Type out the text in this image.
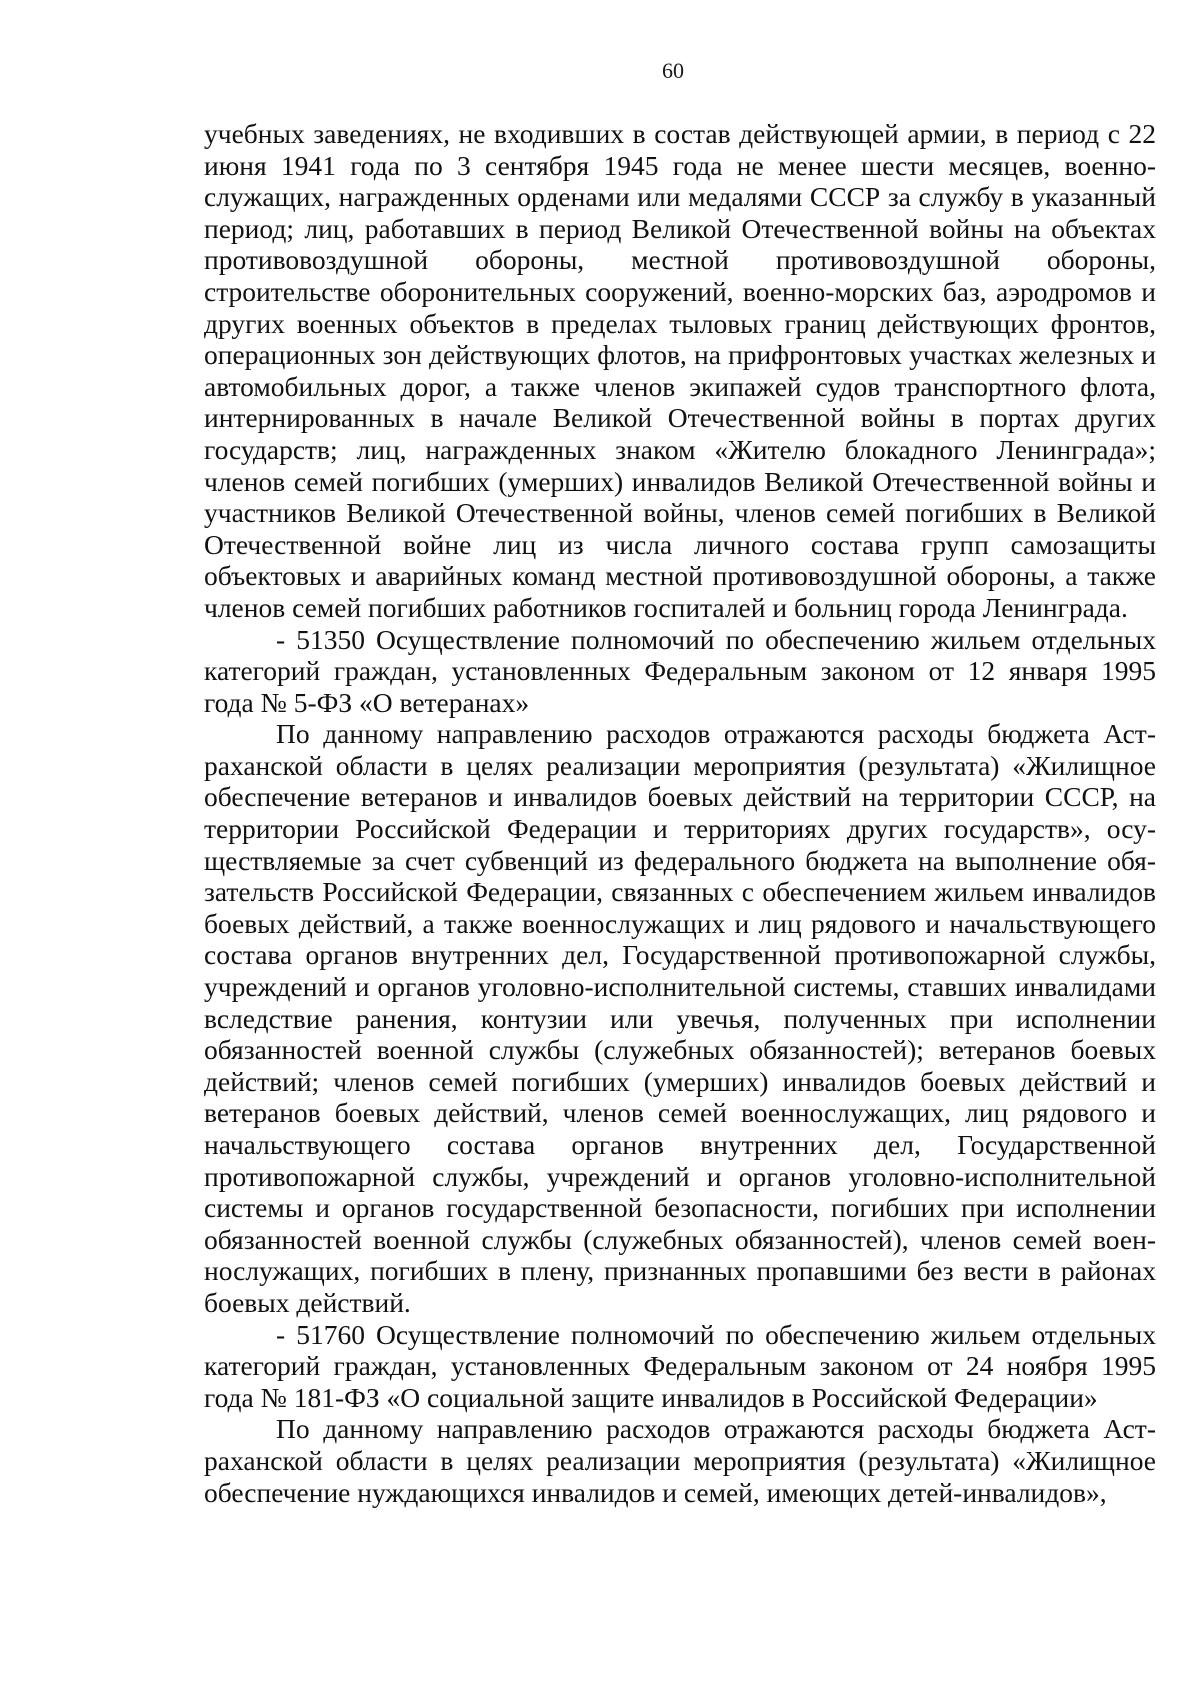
60

учебных заведениях, не входивших в состав действующей армии, в период с 22 июня 1941 года по 3 сентября 1945 года не менее шести месяцев, военнослужащих, награжденных орденами или медалями СССР за службу в указанный период; лиц, работавших в период Великой Отечественной войны на объектах противовоздушной обороны, местной противовоздушной обороны, строительстве оборонительных сооружений, военно-морских баз, аэродромов и других военных объектов в пределах тыловых границ действующих фронтов, операционных зон действующих флотов, на прифронтовых участках железных и автомобильных дорог, а также членов экипажей судов транспортного флота, интернированных в начале Великой Отечественной войны в портах других государств; лиц, награжденных знаком «Жителю блокадного Ленинграда»; членов семей погибших (умерших) инвалидов Великой Отечественной войны и участников Великой Отечественной войны, членов семей погибших в Великой Отечественной войне лиц из числа личного состава групп самозащиты объектовых и аварийных команд местной противовоздушной обороны, а также членов семей погибших работников госпиталей и больниц города Ленинграда.

- 51350 Осуществление полномочий по обеспечению жильем отдельных категорий граждан, установленных Федеральным законом от 12 января 1995 года № 5-ФЗ «О ветеранах»

По данному направлению расходов отражаются расходы бюджета Астраханской области в целях реализации мероприятия (результата) «Жилищное обеспечение ветеранов и инвалидов боевых действий на территории СССР, на территории Российской Федерации и территориях других государств», осуществляемые за счет субвенций из федерального бюджета на выполнение обязательств Российской Федерации, связанных с обеспечением жильем инвалидов боевых действий, а также военнослужащих и лиц рядового и начальствующего состава органов внутренних дел, Государственной противопожарной службы, учреждений и органов уголовно-исполнительной системы, ставших инвалидами вследствие ранения, контузии или увечья, полученных при исполнении обязанностей военной службы (служебных обязанностей); ветеранов боевых действий; членов семей погибших (умерших) инвалидов боевых действий и ветеранов боевых действий, членов семей военнослужащих, лиц рядового и начальствующего состава органов внутренних дел, Государственной противопожарной службы, учреждений и органов уголовно-исполнительной системы и органов государственной безопасности, погибших при исполнении обязанностей военной службы (служебных обязанностей), членов семей военнослужащих, погибших в плену, признанных пропавшими без вести в районах боевых действий.

- 51760 Осуществление полномочий по обеспечению жильем отдельных категорий граждан, установленных Федеральным законом от 24 ноября 1995 года № 181-ФЗ «О социальной защите инвалидов в Российской Федерации»

По данному направлению расходов отражаются расходы бюджета Астраханской области в целях реализации мероприятия (результата) «Жилищное обеспечение нуждающихся инвалидов и семей, имеющих детей-инвалидов»,
